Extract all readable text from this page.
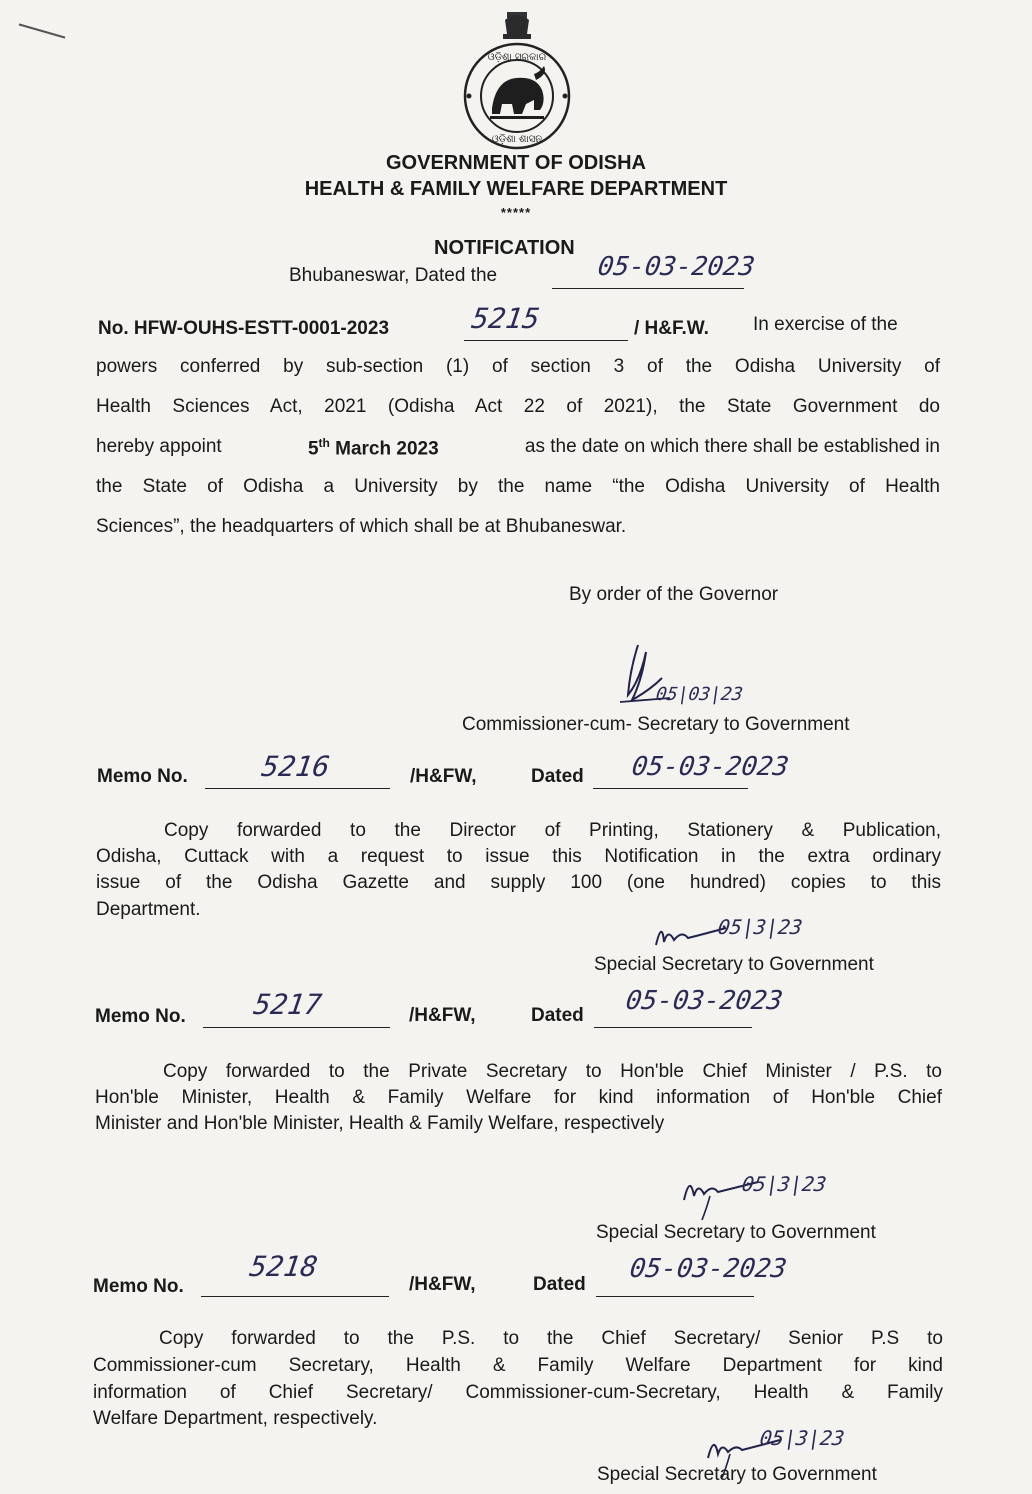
ଓଡ଼ିଶା ସରକାର
ଓଡ଼ିଶା ଶାସନ
GOVERNMENT OF ODISHA
HEALTH & FAMILY WELFARE DEPARTMENT
*****
NOTIFICATION
Bhubaneswar, Dated the	05-03-2023
No. HFW-OUHS-ESTT-0001-2023	5215	/ H&F.W. In exercise of the
powers conferred by sub-section (1) of section 3 of the Odisha University of
Health Sciences Act, 2021 (Odisha Act 22 of 2021), the State Government do
hereby appoint	5th March 2023	as the date on which there shall be established in
the State of Odisha a University by the name “the Odisha University of Health
Sciences”, the headquarters of which shall be at Bhubaneswar.
By order of the Governor
05|03|23
Commissioner-cum- Secretary to Government
Memo No.	5216	/H&FW,	Dated 05-03-2023
Copy forwarded to the Director of Printing, Stationery & Publication,
Odisha, Cuttack with a request to issue this Notification in the extra ordinary
issue of the Odisha Gazette and supply 100 (one hundred) copies to this
Department.
05|3|23
Special Secretary to Government
Memo No. 5217	/H&FW,	Dated 05-03-2023
Copy forwarded to the Private Secretary to Hon'ble Chief Minister / P.S. to
Hon'ble Minister, Health & Family Welfare for kind information of Hon'ble Chief
Minister and Hon'ble Minister, Health & Family Welfare, respectively
05|3|23
Special Secretary to Government
Memo No.
5218
/H&FW,	Dated
05-03-2023
Copy forwarded to the P.S. to the Chief Secretary/ Senior P.S to
Commissioner-cum Secretary, Health & Family Welfare Department for kind
information of Chief Secretary/ Commissioner-cum-Secretary, Health & Family
Welfare Department, respectively.
05|3|23
Special Secretary to Government
